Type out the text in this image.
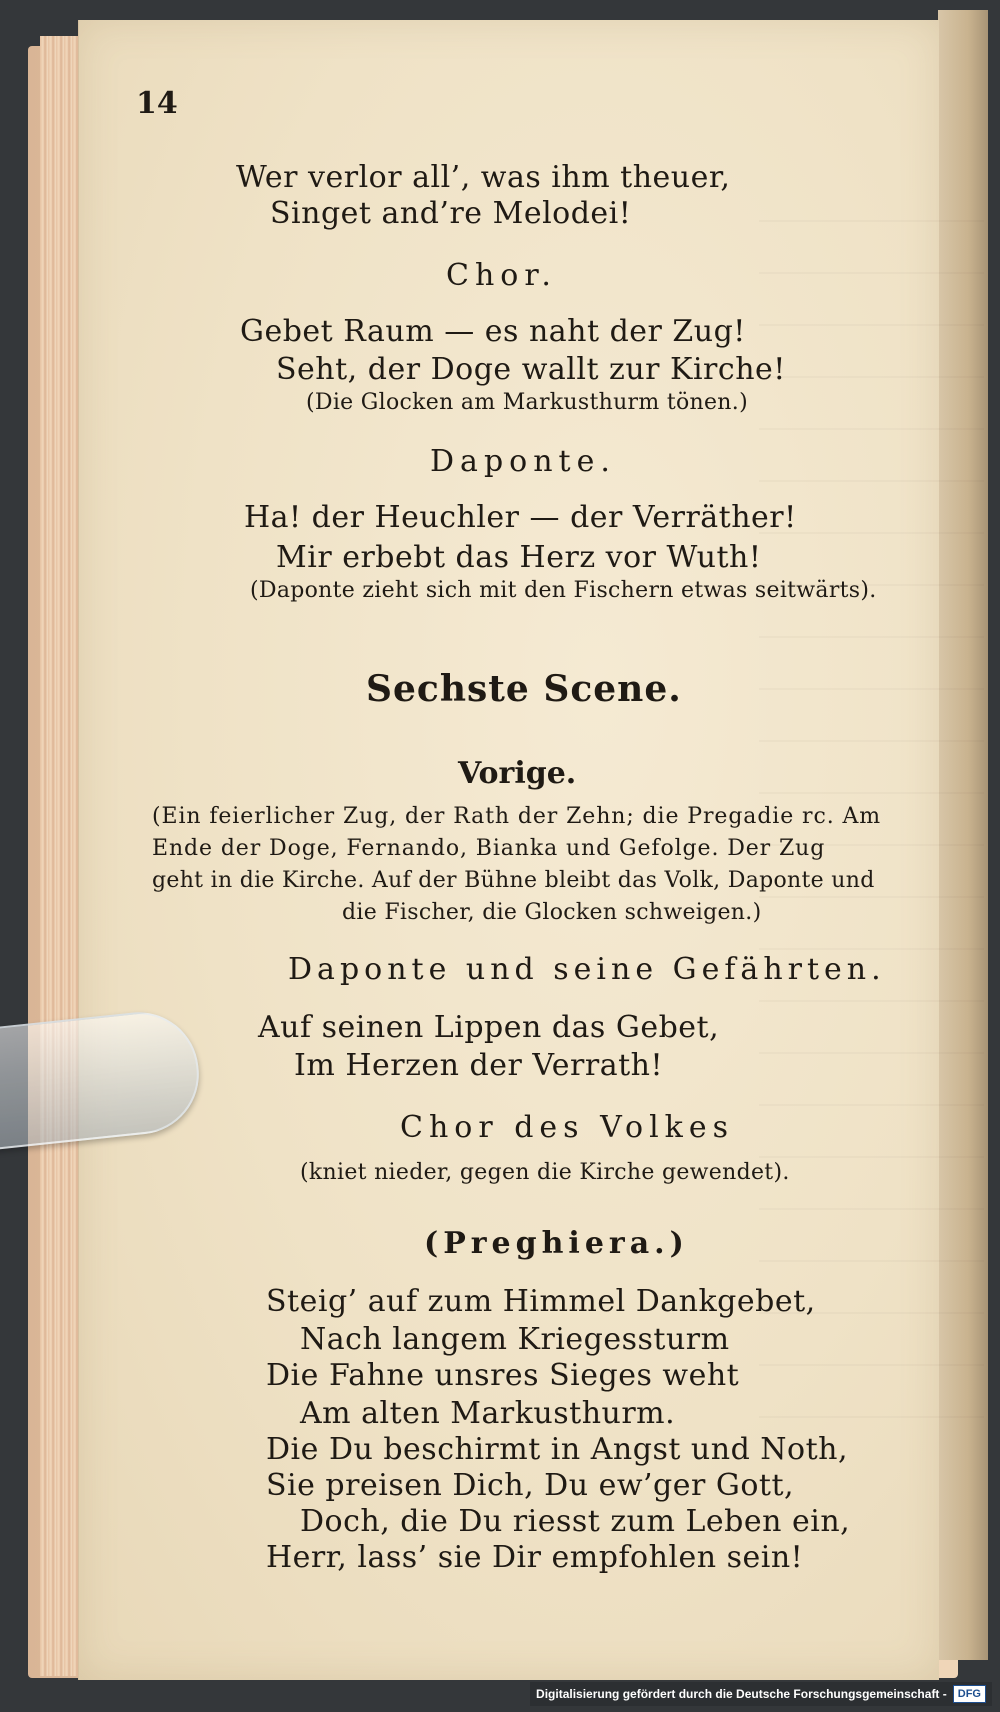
14
Wer verlor all’, was ihm theuer,
Singet and’re Melodei!
Chor.
Gebet Raum — es naht der Zug!
Seht, der Doge wallt zur Kirche!
(Die Glocken am Markusthurm tönen.)
Daponte.
Ha! der Heuchler — der Verräther!
Mir erbebt das Herz vor Wuth!
(Daponte zieht sich mit den Fischern etwas seitwärts).
Sechste Scene.
Vorige.
(Ein feierlicher Zug, der Rath der Zehn; die Pregadie rc. Am
Ende der Doge, Fernando, Bianka und Gefolge. Der Zug
geht in die Kirche. Auf der Bühne bleibt das Volk, Daponte und
die Fischer, die Glocken schweigen.)
Daponte und seine Gefährten.
Auf seinen Lippen das Gebet,
Im Herzen der Verrath!
Chor des Volkes
(kniet nieder, gegen die Kirche gewendet).
(Preghiera.)
Steig’ auf zum Himmel Dankgebet,
Nach langem Kriegessturm
Die Fahne unsres Sieges weht
Am alten Markusthurm.
Die Du beschirmt in Angst und Noth,
Sie preisen Dich, Du ew’ger Gott,
Doch, die Du riesst zum Leben ein,
Herr, lass’ sie Dir empfohlen sein!
Digitalisierung gefördert durch die Deutsche Forschungsgemeinschaft -	DFG
